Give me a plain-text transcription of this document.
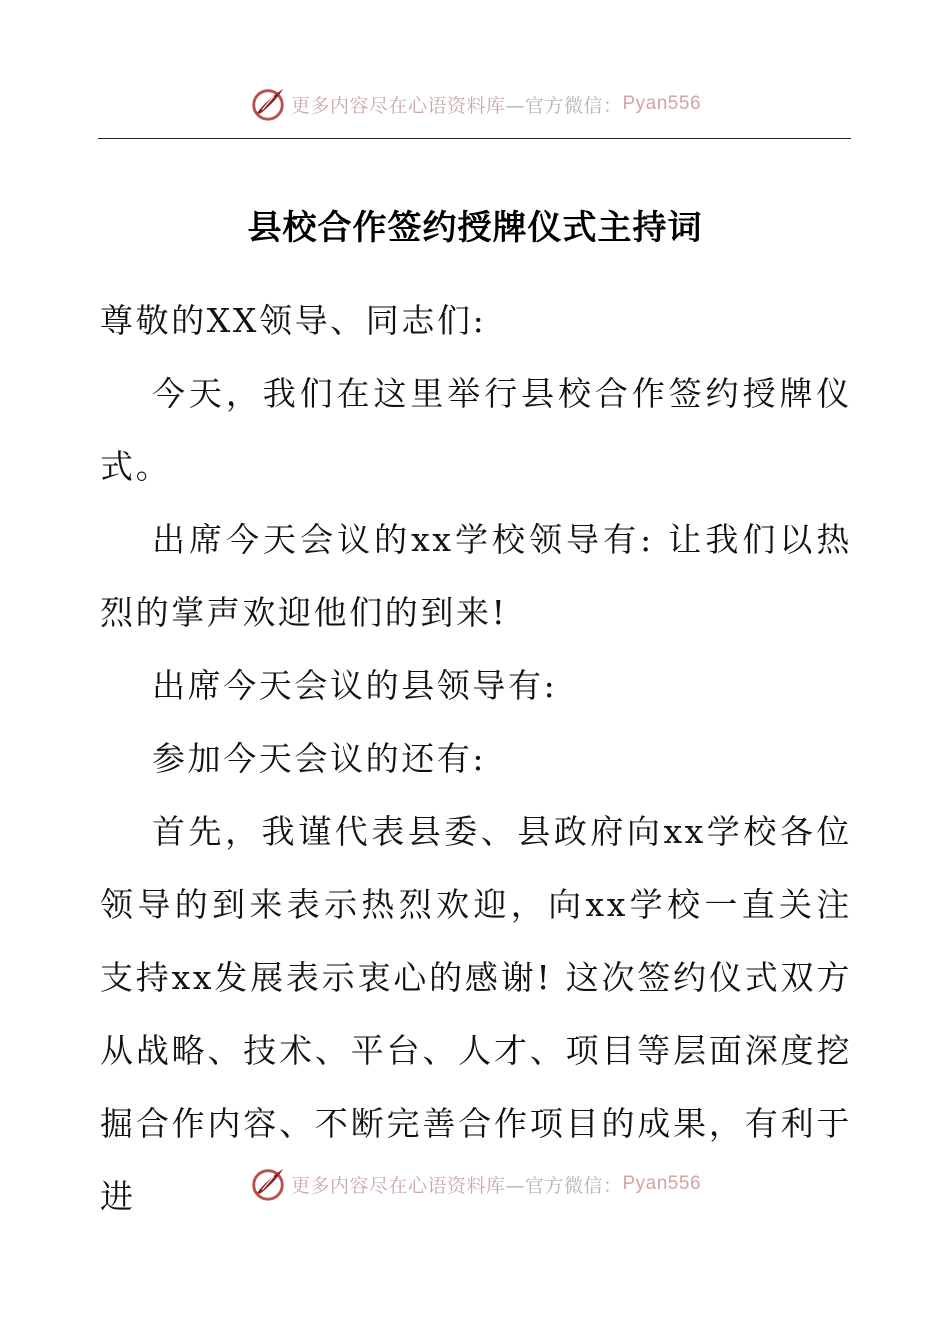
更多内容尽在心语资料库 —官方微信： Pyan556
县校合作签约授牌仪式主持词

尊敬的XX领导、同志们:

今天，我们在这里举行县校合作签约授牌仪式。

出席今天会议的xx学校领导有: 让我们以热烈的掌声欢迎他们的到来!

出席今天会议的县领导有:

参加今天会议的还有:

首先，我谨代表县委、县政府向xx学校各位领导的到来表示热烈欢迎，向xx学校一直关注支持xx发展表示衷心的感谢! 这次签约仪式双方从战略、技术、平台、人才、项目等层面深度挖掘合作内容、不断完善合作项目的成果，有利于进	更多内容尽在心语资料库 —官方微信： Pyan556
